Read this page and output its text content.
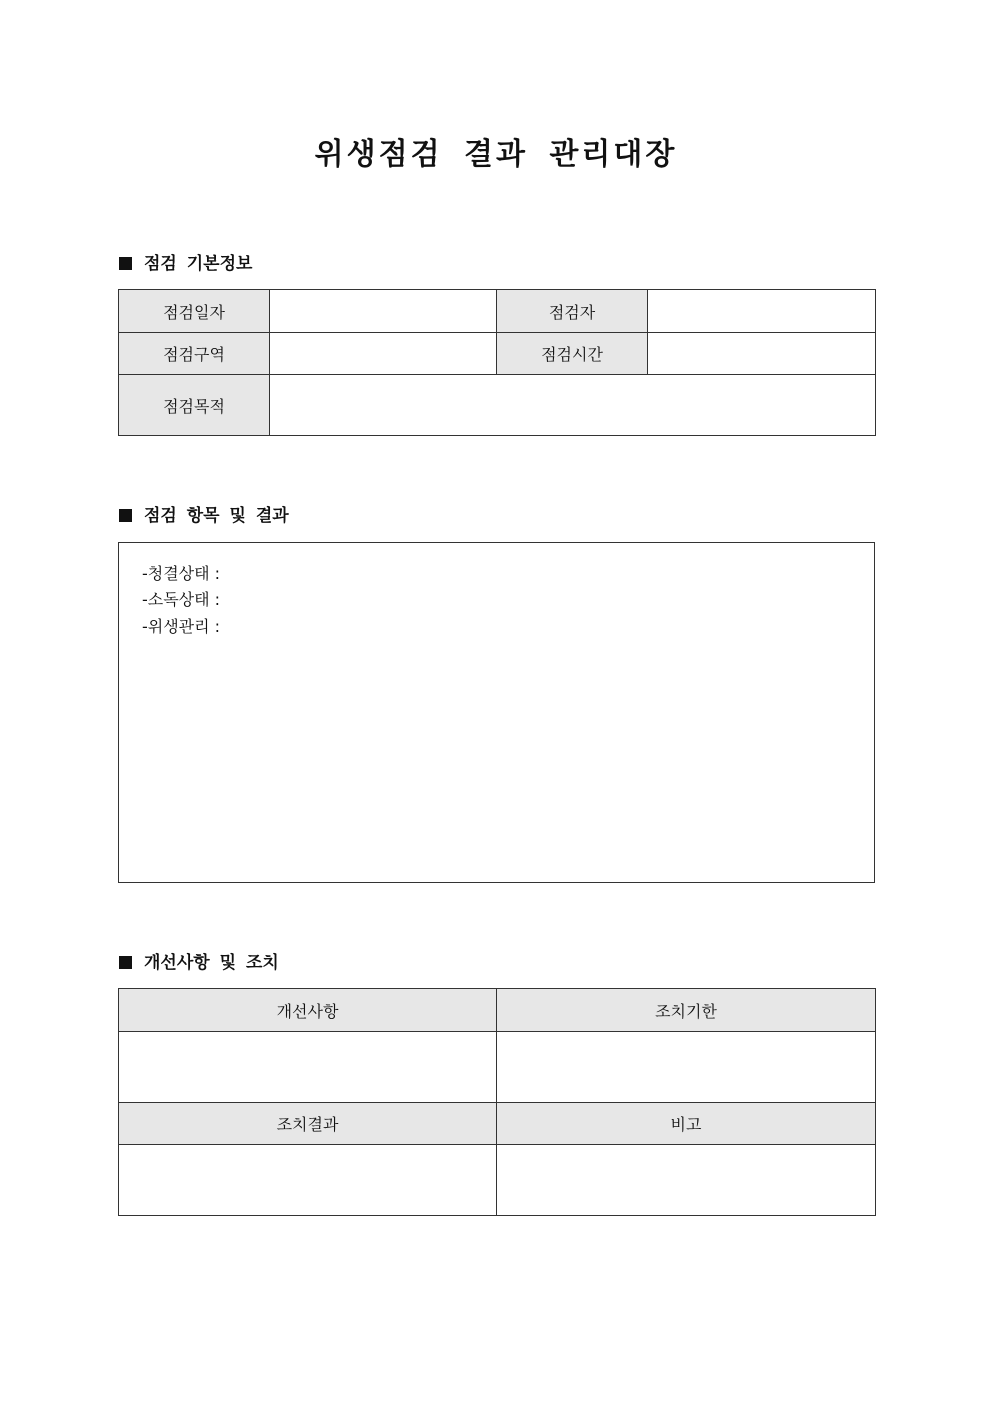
위생점검 결과 관리대장
점검 기본정보
점검일자		점검자	
점검구역		점검시간	
점검목적			
점검 항목 및 결과
-청결상태 :
-소독상태 :
-위생관리 :
개선사항 및 조치
개선사항	조치기한

조치결과	비고
